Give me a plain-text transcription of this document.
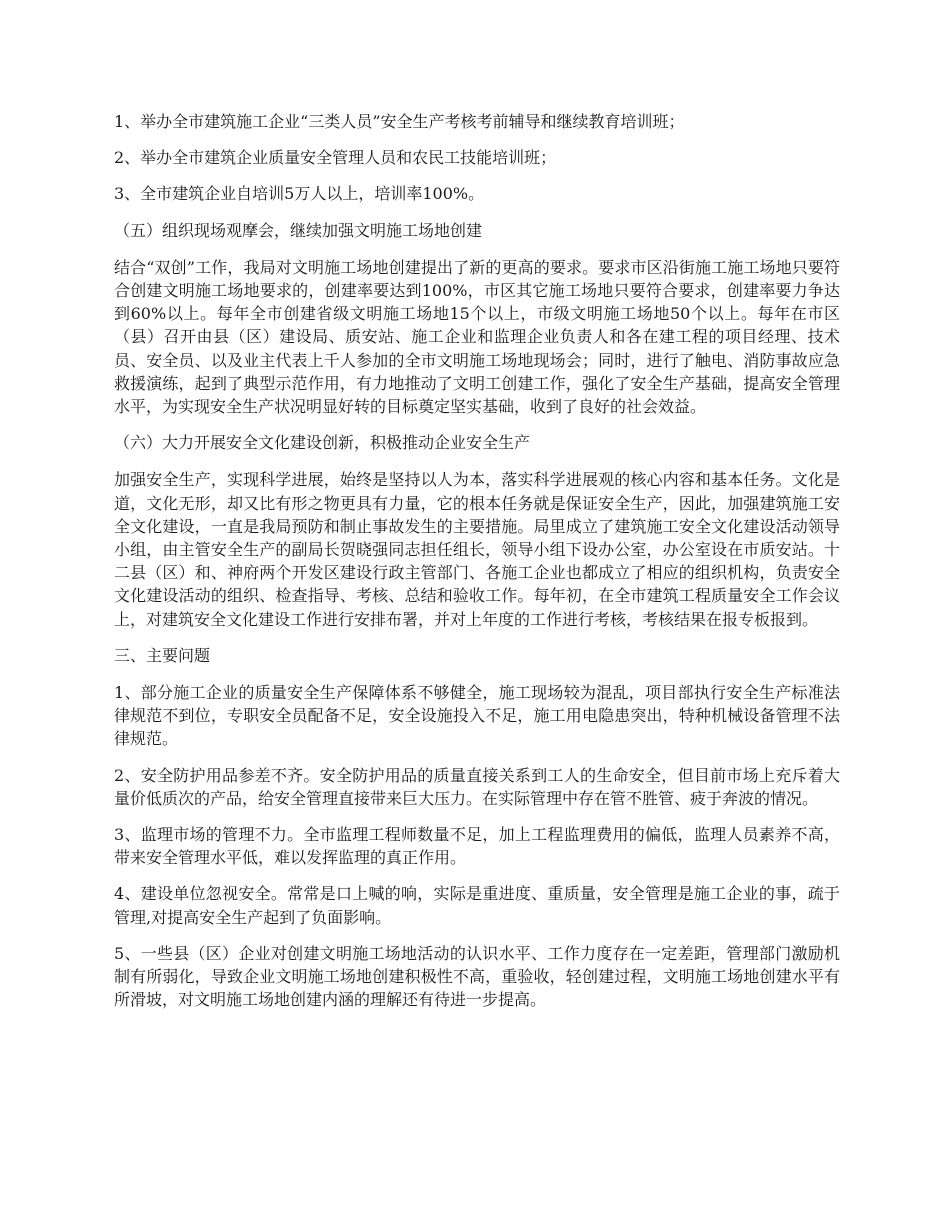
1、举办全市建筑施工企业“三类人员”安全生产考核考前辅导和继续教育培训班；

2、举办全市建筑企业质量安全管理人员和农民工技能培训班；

3、全市建筑企业自培训5万人以上，培训率100%。

（五）组织现场观摩会，继续加强文明施工场地创建

结合“双创”工作，我局对文明施工场地创建提出了新的更高的要求。要求市区沿街施工施工场地只要符合创建文明施工场地要求的，创建率要达到100%，市区其它施工场地只要符合要求，创建率要力争达到60%以上。每年全市创建省级文明施工场地15个以上，市级文明施工场地50个以上。每年在市区（县）召开由县（区）建设局、质安站、施工企业和监理企业负责人和各在建工程的项目经理、技术员、安全员、以及业主代表上千人参加的全市文明施工场地现场会；同时，进行了触电、消防事故应急救援演练，起到了典型示范作用，有力地推动了文明工创建工作，强化了安全生产基础，提高安全管理水平，为实现安全生产状况明显好转的目标奠定坚实基础，收到了良好的社会效益。

（六）大力开展安全文化建设创新，积极推动企业安全生产

加强安全生产，实现科学进展，始终是坚持以人为本，落实科学进展观的核心内容和基本任务。文化是道，文化无形，却又比有形之物更具有力量，它的根本任务就是保证安全生产，因此，加强建筑施工安全文化建设，一直是我局预防和制止事故发生的主要措施。局里成立了建筑施工安全文化建设活动领导小组，由主管安全生产的副局长贺晓强同志担任组长，领导小组下设办公室，办公室设在市质安站。十二县（区）和、神府两个开发区建设行政主管部门、各施工企业也都成立了相应的组织机构，负责安全文化建设活动的组织、检查指导、考核、总结和验收工作。每年初，在全市建筑工程质量安全工作会议上，对建筑安全文化建设工作进行安排布署，并对上年度的工作进行考核，考核结果在报专板报到。

三、主要问题

1、部分施工企业的质量安全生产保障体系不够健全，施工现场较为混乱，项目部执行安全生产标准法律规范不到位，专职安全员配备不足，安全设施投入不足，施工用电隐患突出，特种机械设备管理不法律规范。

2、安全防护用品参差不齐。安全防护用品的质量直接关系到工人的生命安全，但目前市场上充斥着大量价低质次的产品，给安全管理直接带来巨大压力。在实际管理中存在管不胜管、疲于奔波的情况。

3、监理市场的管理不力。全市监理工程师数量不足，加上工程监理费用的偏低，监理人员素养不高，带来安全管理水平低，难以发挥监理的真正作用。

4、建设单位忽视安全。常常是口上喊的响，实际是重进度、重质量，安全管理是施工企业的事，疏于管理,对提高安全生产起到了负面影响。

5、一些县（区）企业对创建文明施工场地活动的认识水平、工作力度存在一定差距，管理部门激励机制有所弱化，导致企业文明施工场地创建积极性不高，重验收，轻创建过程，文明施工场地创建水平有所滑坡，对文明施工场地创建内涵的理解还有待进一步提高。
